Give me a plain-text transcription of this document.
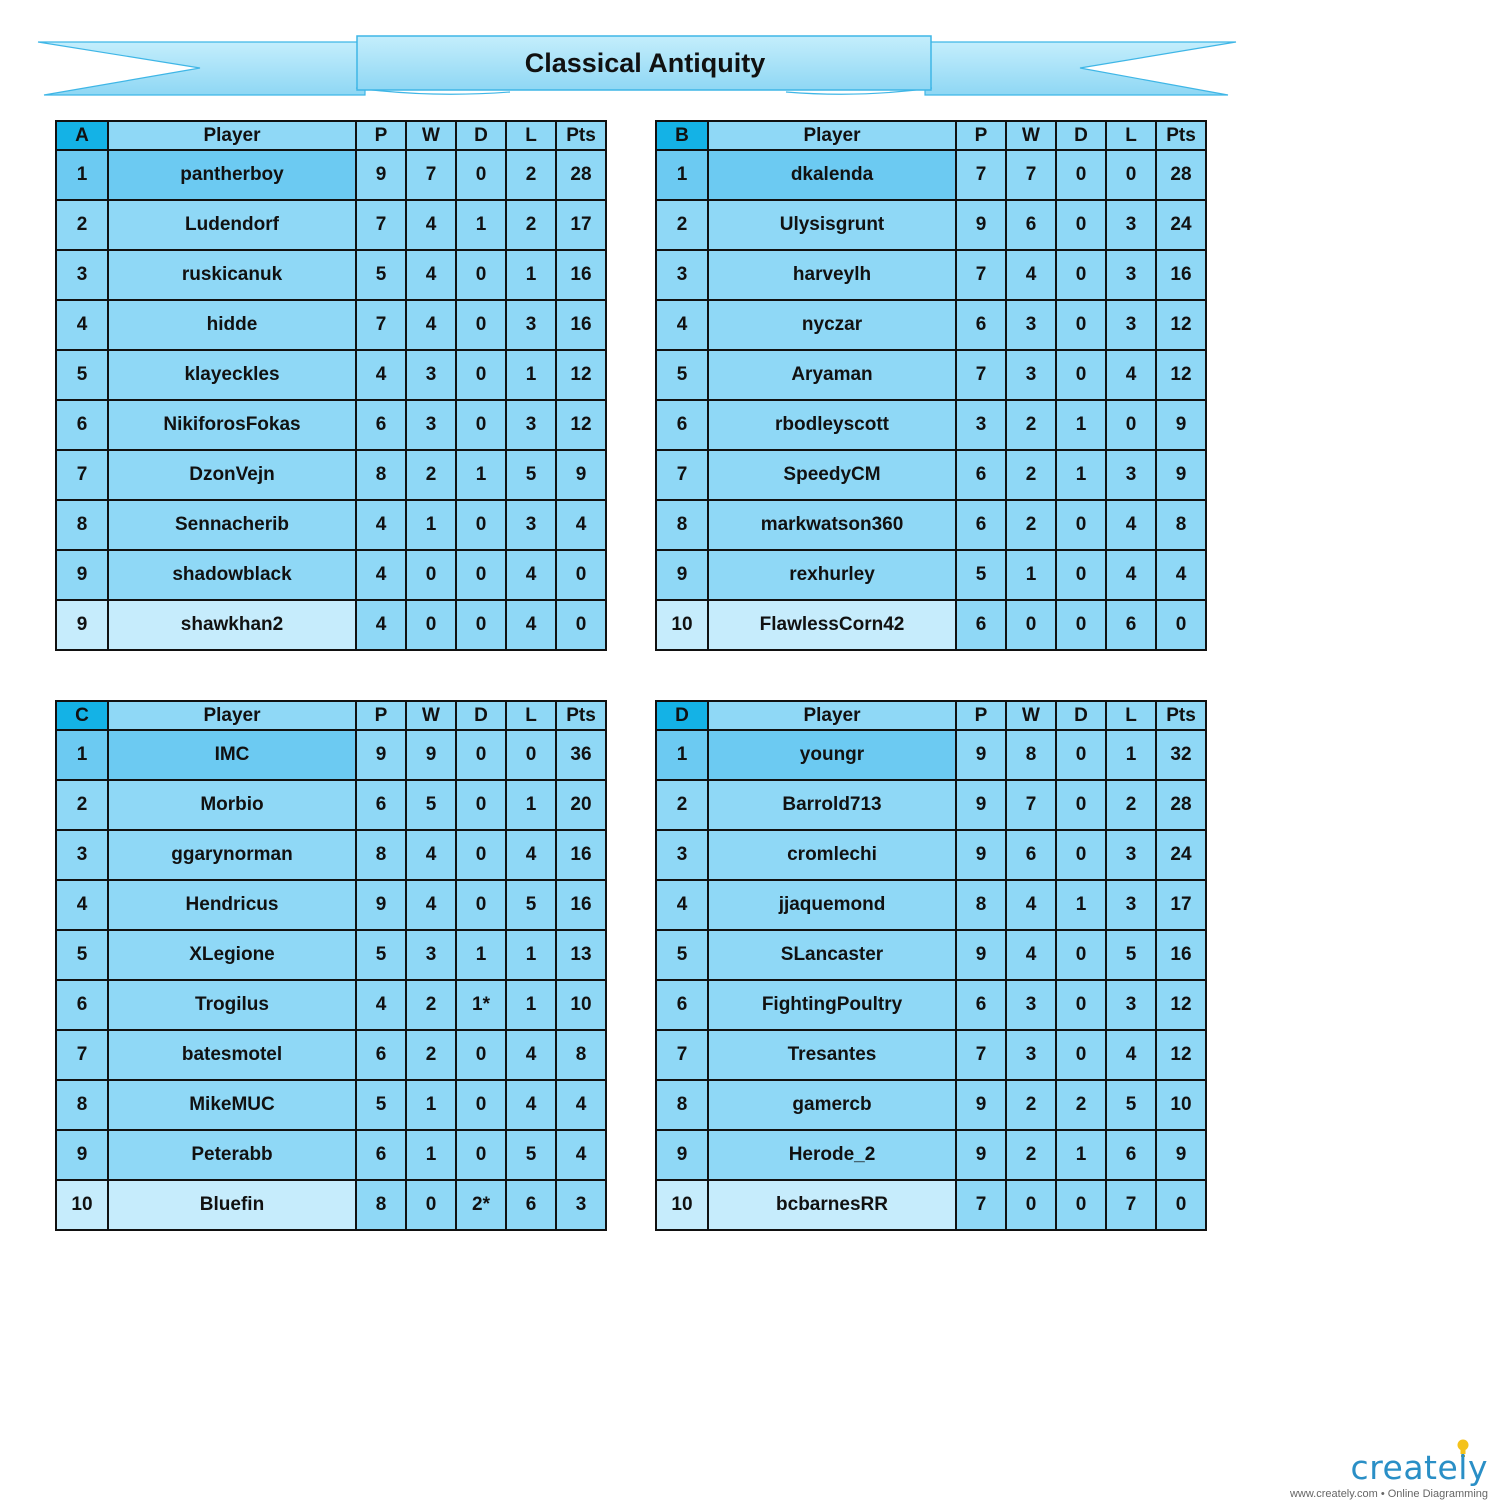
Classical Antiquity
A	Player	P	W	D	L	Pts
1	pantherboy	9	7	0	2	28
2	Ludendorf	7	4	1	2	17
3	ruskicanuk	5	4	0	1	16
4	hidde	7	4	0	3	16
5	klayeckles	4	3	0	1	12
6	NikiforosFokas	6	3	0	3	12
7	DzonVejn	8	2	1	5	9
8	Sennacherib	4	1	0	3	4
9	shadowblack	4	0	0	4	0
9	shawkhan2	4	0	0	4	0
B	Player	P	W	D	L	Pts
1	dkalenda	7	7	0	0	28
2	Ulysisgrunt	9	6	0	3	24
3	harveylh	7	4	0	3	16
4	nyczar	6	3	0	3	12
5	Aryaman	7	3	0	4	12
6	rbodleyscott	3	2	1	0	9
7	SpeedyCM	6	2	1	3	9
8	markwatson360	6	2	0	4	8
9	rexhurley	5	1	0	4	4
10	FlawlessCorn42	6	0	0	6	0
C	Player	P	W	D	L	Pts
1	IMC	9	9	0	0	36
2	Morbio	6	5	0	1	20
3	ggarynorman	8	4	0	4	16
4	Hendricus	9	4	0	5	16
5	XLegione	5	3	1	1	13
6	Trogilus	4	2	1*	1	10
7	batesmotel	6	2	0	4	8
8	MikeMUC	5	1	0	4	4
9	Peterabb	6	1	0	5	4
10	Bluefin	8	0	2*	6	3
D	Player	P	W	D	L	Pts
1	youngr	9	8	0	1	32
2	Barrold713	9	7	0	2	28
3	cromlechi	9	6	0	3	24
4	jjaquemond	8	4	1	3	17
5	SLancaster	9	4	0	5	16
6	FightingPoultry	6	3	0	3	12
7	Tresantes	7	3	0	4	12
8	gamercb	9	2	2	5	10
9	Herode_2	9	2	1	6	9
10	bcbarnesRR	7	0	0	7	0
creately
www.creately.com • Online Diagramming
